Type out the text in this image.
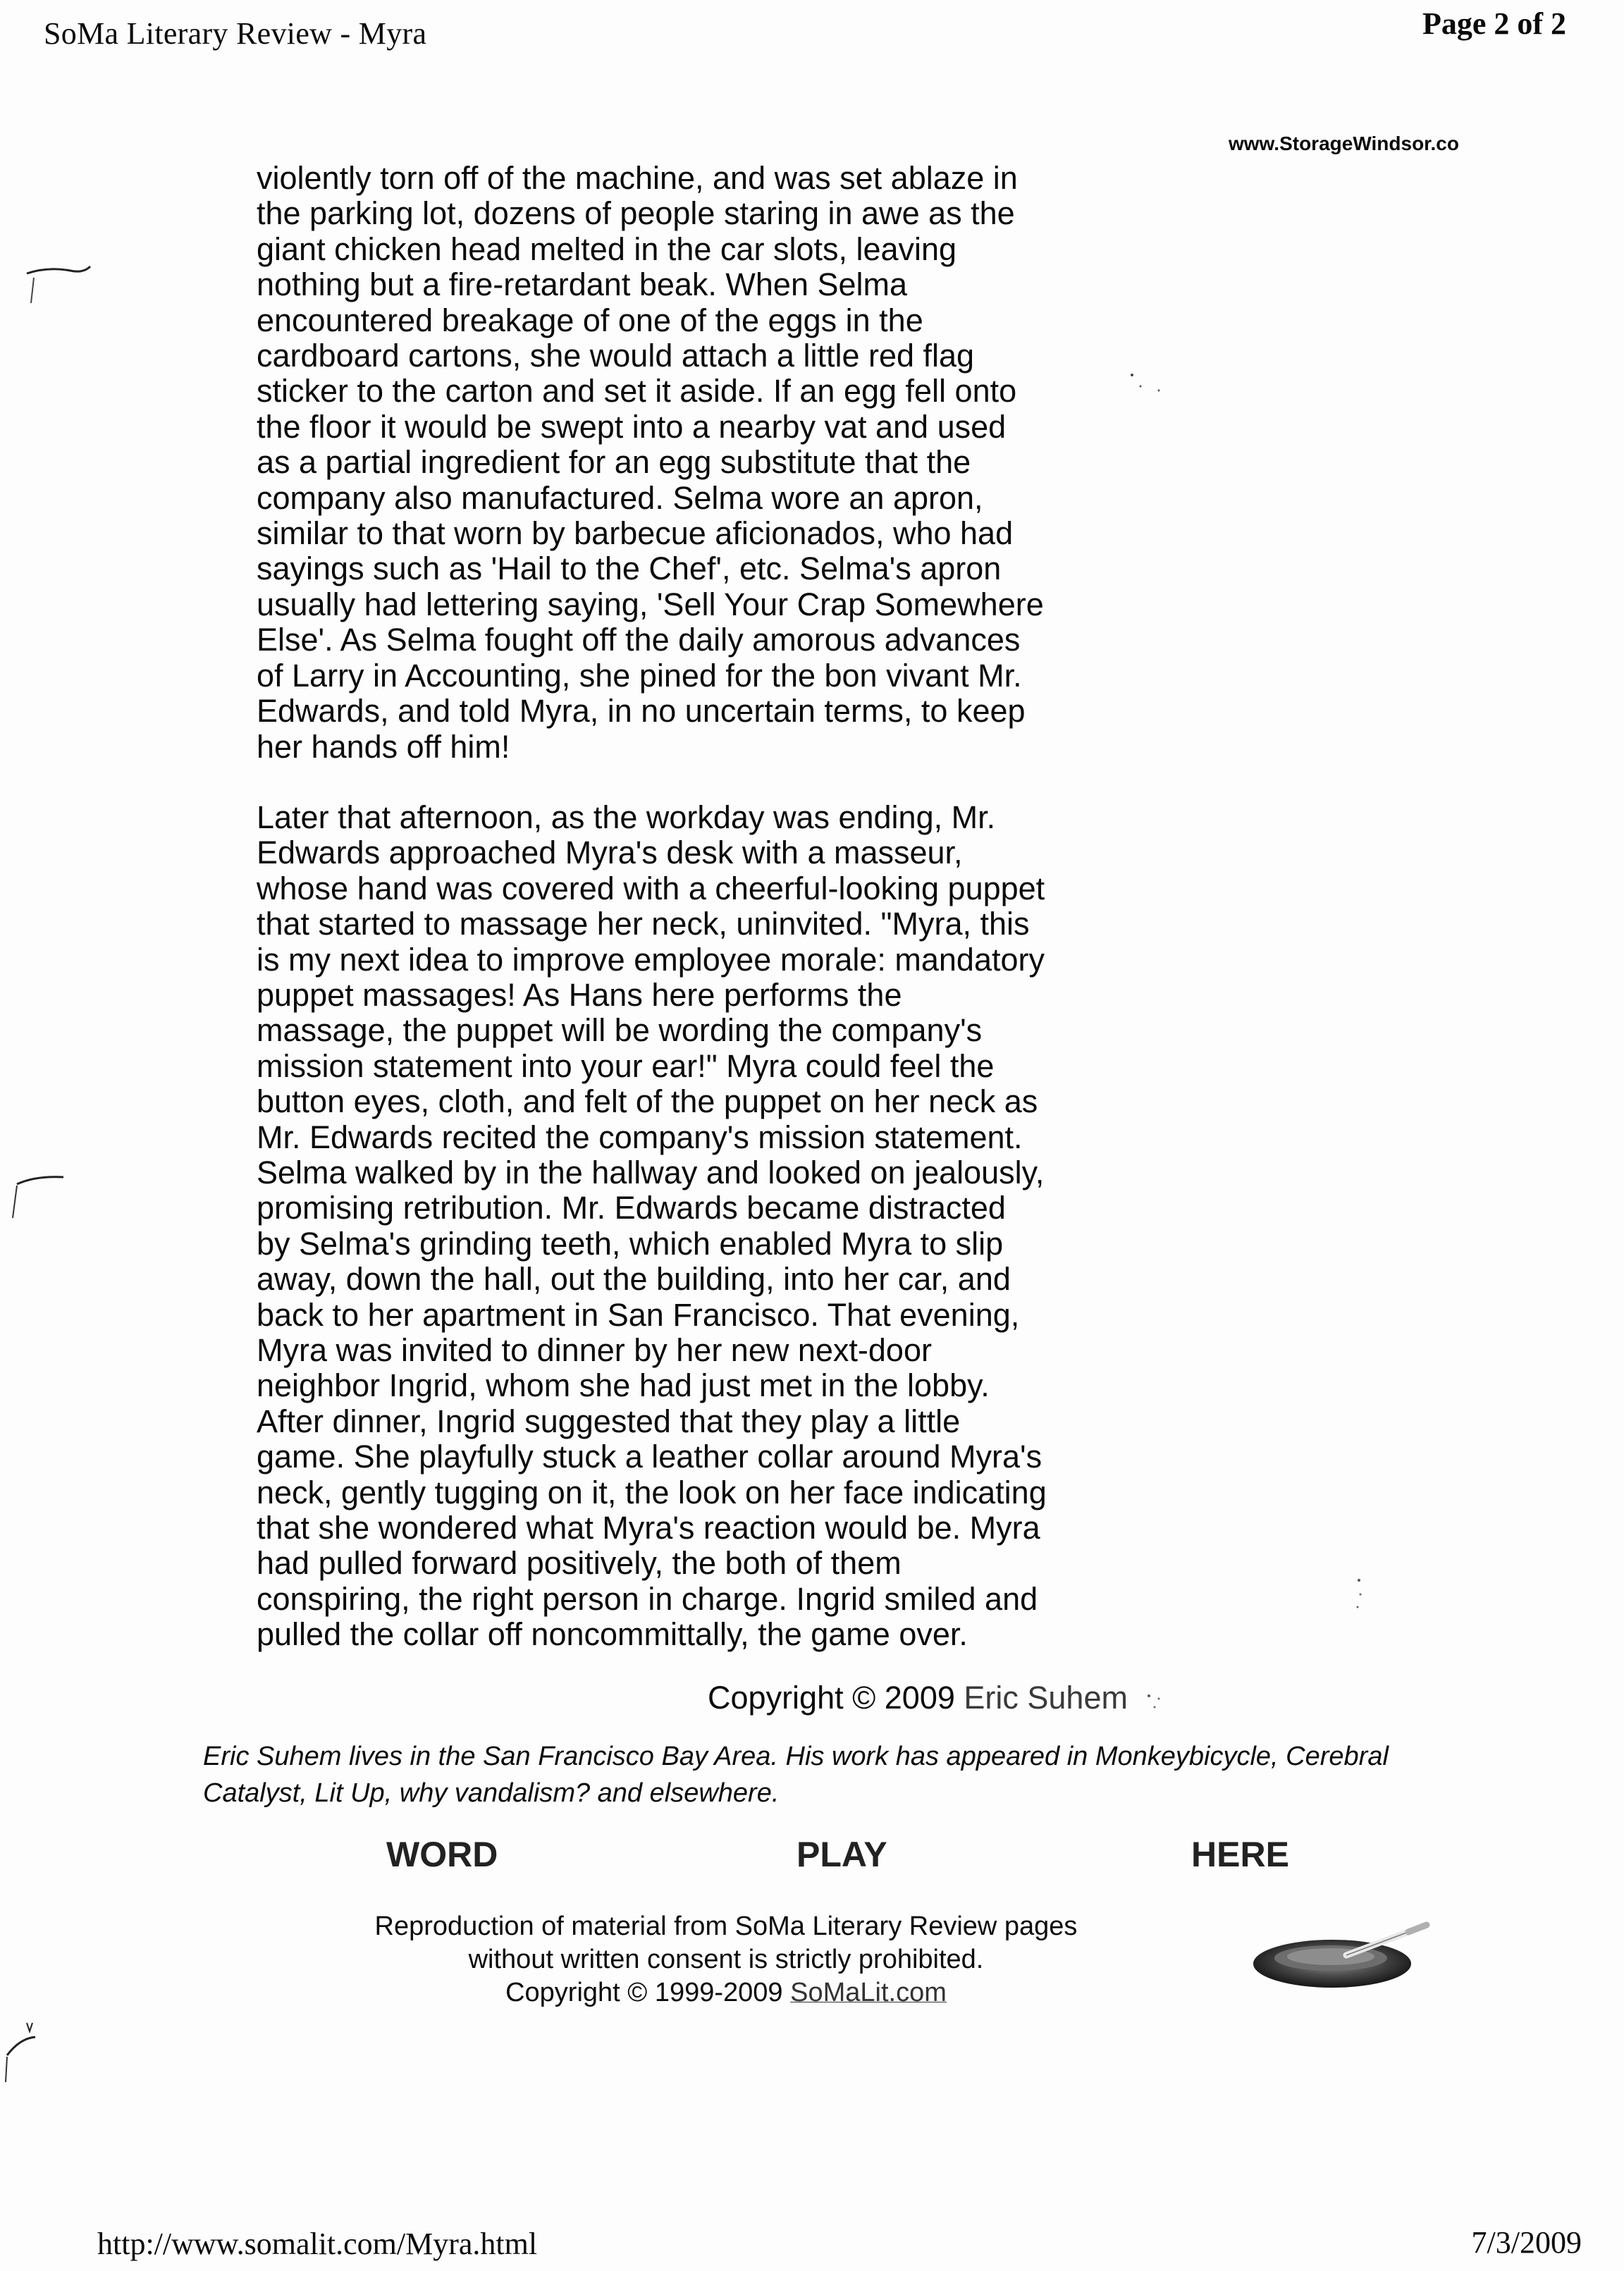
SoMa Literary Review - Myra	Page 2 of 2
www.StorageWindsor.co

violently torn off of the machine, and was set ablaze in
the parking lot, dozens of people staring in awe as the
giant chicken head melted in the car slots, leaving
nothing but a fire-retardant beak. When Selma
encountered breakage of one of the eggs in the
cardboard cartons, she would attach a little red flag
sticker to the carton and set it aside. If an egg fell onto
the floor it would be swept into a nearby vat and used
as a partial ingredient for an egg substitute that the
company also manufactured. Selma wore an apron,
similar to that worn by barbecue aficionados, who had
sayings such as 'Hail to the Chef', etc. Selma's apron
usually had lettering saying, 'Sell Your Crap Somewhere
Else'. As Selma fought off the daily amorous advances
of Larry in Accounting, she pined for the bon vivant Mr.
Edwards, and told Myra, in no uncertain terms, to keep
her hands off him!

Later that afternoon, as the workday was ending, Mr.
Edwards approached Myra's desk with a masseur,
whose hand was covered with a cheerful-looking puppet
that started to massage her neck, uninvited. "Myra, this
is my next idea to improve employee morale: mandatory
puppet massages! As Hans here performs the
massage, the puppet will be wording the company's
mission statement into your ear!" Myra could feel the
button eyes, cloth, and felt of the puppet on her neck as
Mr. Edwards recited the company's mission statement.
Selma walked by in the hallway and looked on jealously,
promising retribution. Mr. Edwards became distracted
by Selma's grinding teeth, which enabled Myra to slip
away, down the hall, out the building, into her car, and
back to her apartment in San Francisco. That evening,
Myra was invited to dinner by her new next-door
neighbor Ingrid, whom she had just met in the lobby.
After dinner, Ingrid suggested that they play a little
game. She playfully stuck a leather collar around Myra's
neck, gently tugging on it, the look on her face indicating
that she wondered what Myra's reaction would be. Myra
had pulled forward positively, the both of them
conspiring, the right person in charge. Ingrid smiled and
pulled the collar off noncommittally, the game over.

Copyright © 2009 Eric Suhem
Eric Suhem lives in the San Francisco Bay Area. His work has appeared in Monkeybicycle, Cerebral Catalyst, Lit Up, why vandalism? and elsewhere.
WORD	PLAY	HERE
Reproduction of material from SoMa Literary Review pages
without written consent is strictly prohibited.
Copyright © 1999-2009 SoMaLit.com
http://www.somalit.com/Myra.html	7/3/2009
